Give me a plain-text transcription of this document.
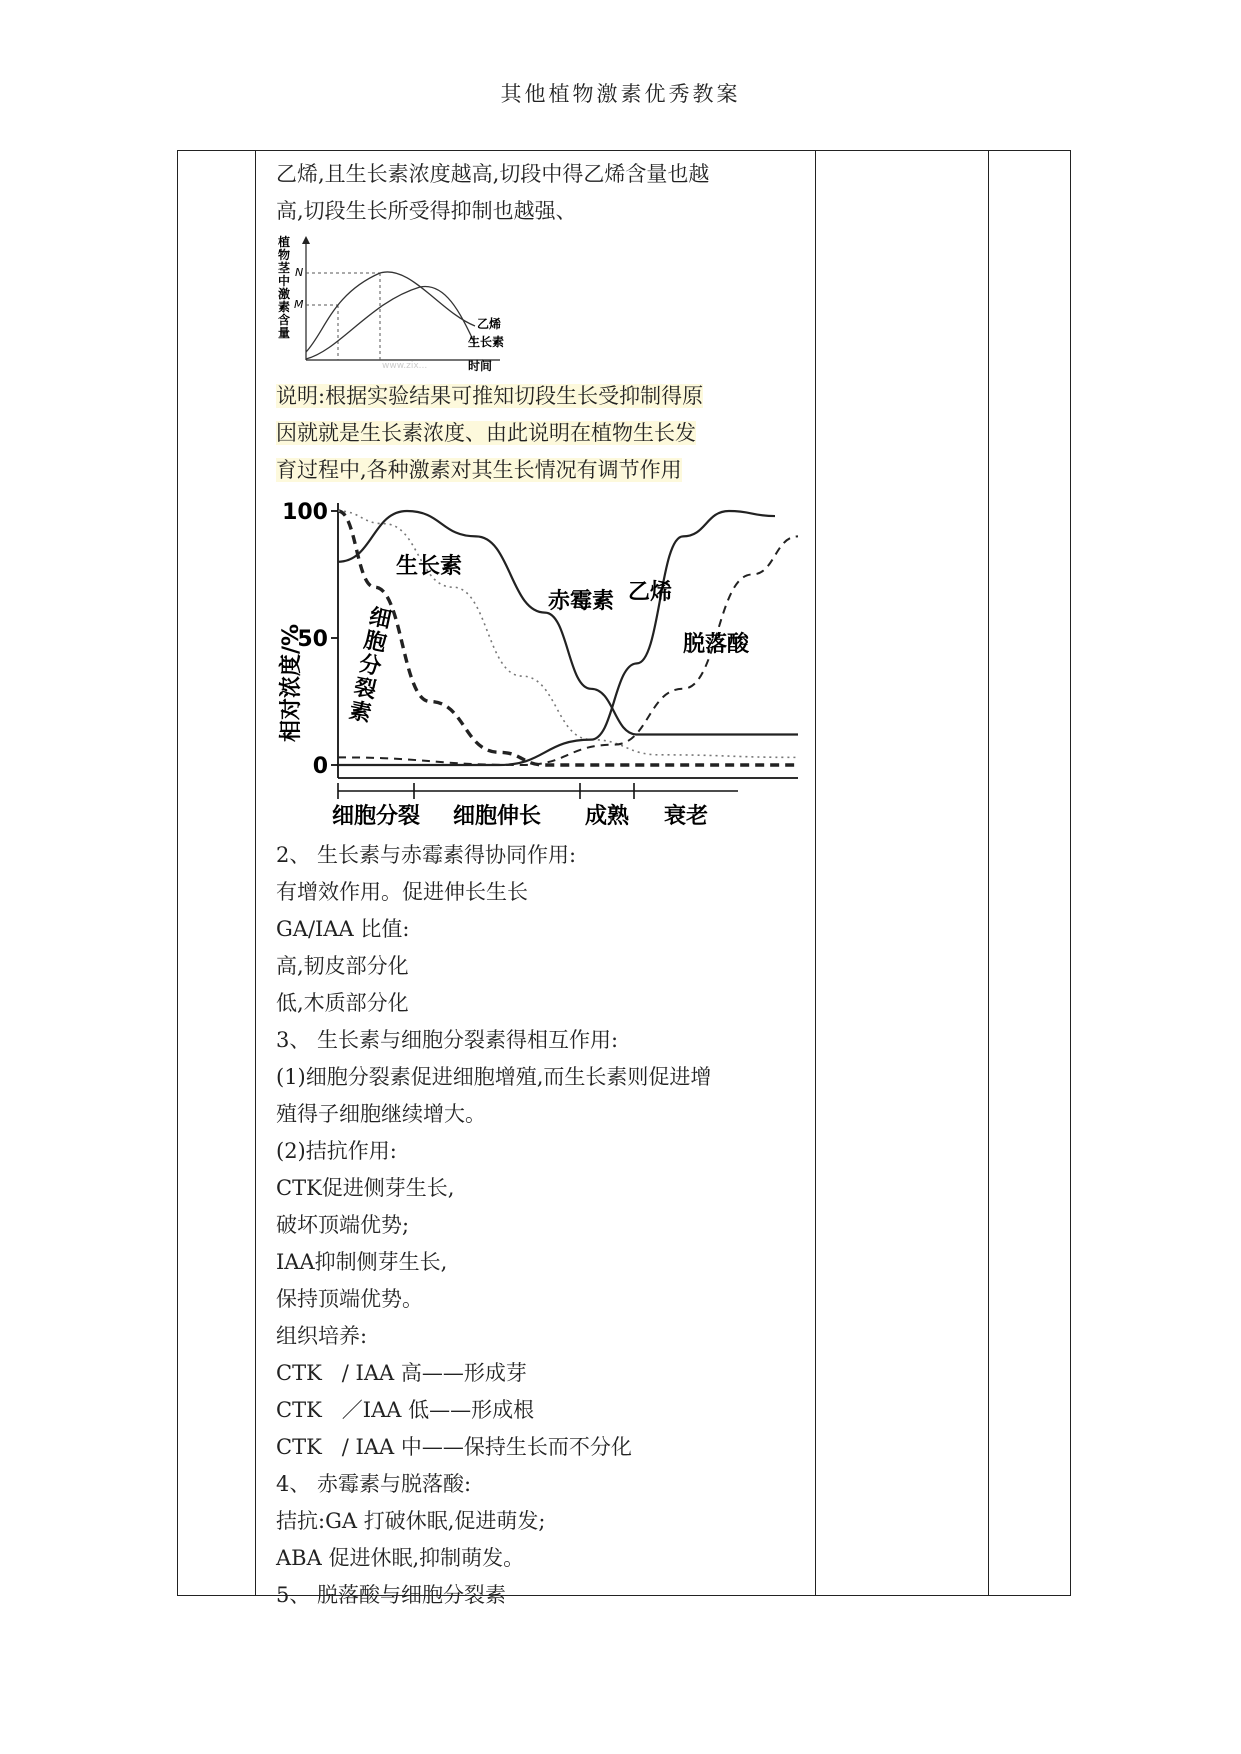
其他植物激素优秀教案
乙烯,且生长素浓度越高,切段中得乙烯含量也越
高,切段生长所受得抑制也越强、
植物茎中激素含量
N
M
乙烯
生长素
时间
www.zix...
说明:根据实验结果可推知切段生长受抑制得原
因就就是生长素浓度、由此说明在植物生长发
育过程中,各种激素对其生长情况有调节作用
相对浓度/%
100
50
0
生长素
赤霉素 乙烯
脱落酸
细胞分裂素
细胞分裂 细胞伸长 成熟 衰老
2、 生长素与赤霉素得协同作用:
有增效作用。促进伸长生长
GA/IAA 比值:
高,韧皮部分化
低,木质部分化
3、 生长素与细胞分裂素得相互作用:
(1)细胞分裂素促进细胞增殖,而生长素则促进增
殖得子细胞继续增大。
(2)拮抗作用:
CTK促进侧芽生长,
破坏顶端优势;
IAA抑制侧芽生长,
保持顶端优势。
组织培养:
CTK   / IAA 高——形成芽
CTK   ／IAA 低——形成根
CTK   / IAA 中——保持生长而不分化
4、 赤霉素与脱落酸:
拮抗:GA 打破休眠,促进萌发;
ABA 促进休眠,抑制萌发。
5、 脱落酸与细胞分裂素
